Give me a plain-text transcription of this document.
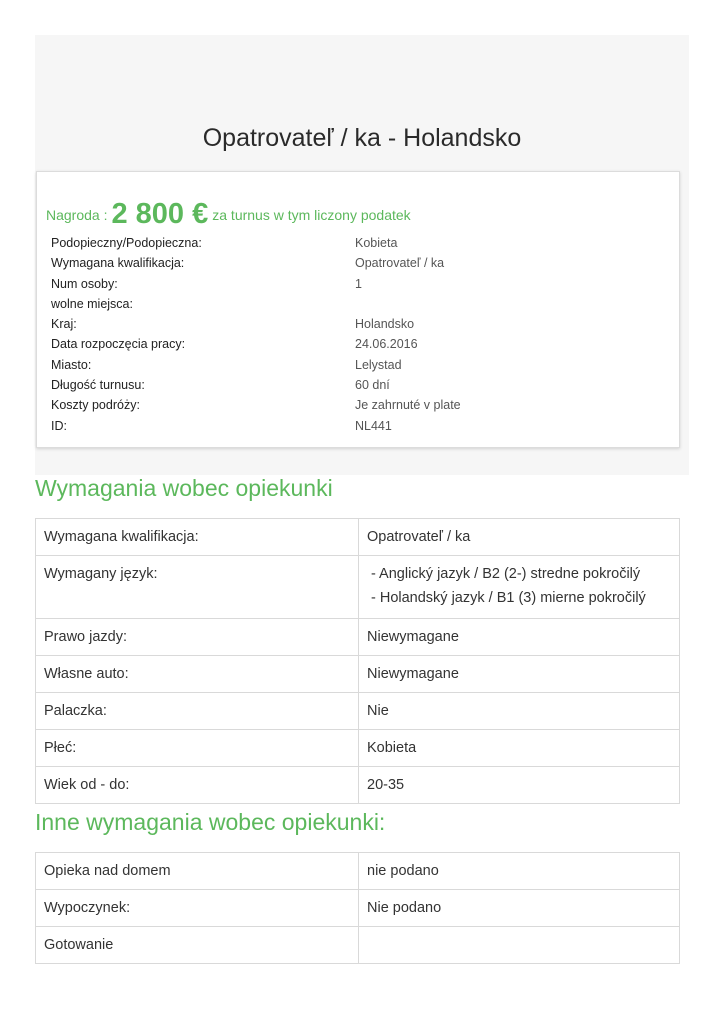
Opatrovateľ / ka - Holandsko
Nagroda : 2 800 € za turnus w tym liczony podatek
Podopieczny/Podopieczna:	Kobieta
Wymagana kwalifikacja:	Opatrovateľ / ka
Num osoby:	1
wolne miejsca:
Kraj:	Holandsko
Data rozpoczęcia pracy:	24.06.2016
Miasto:	Lelystad
Długość turnusu:	60 dní
Koszty podróży:	Je zahrnuté v plate
ID:	NL441
Wymagania wobec opiekunki
Wymagana kwalifikacja:	Opatrovateľ / ka

Wymagany język:	- Anglický jazyk / B2 (2-) stredne pokročilý
- Holandský jazyk / B1 (3) mierne pokročilý

Prawo jazdy:	Niewymagane

Własne auto:	Niewymagane

Palaczka:	Nie

Płeć:	Kobieta

Wiek od - do:	20-35
Inne wymagania wobec opiekunki:
Opieka nad domem	nie podano

Wypoczynek:	Nie podano

Gotowanie	
